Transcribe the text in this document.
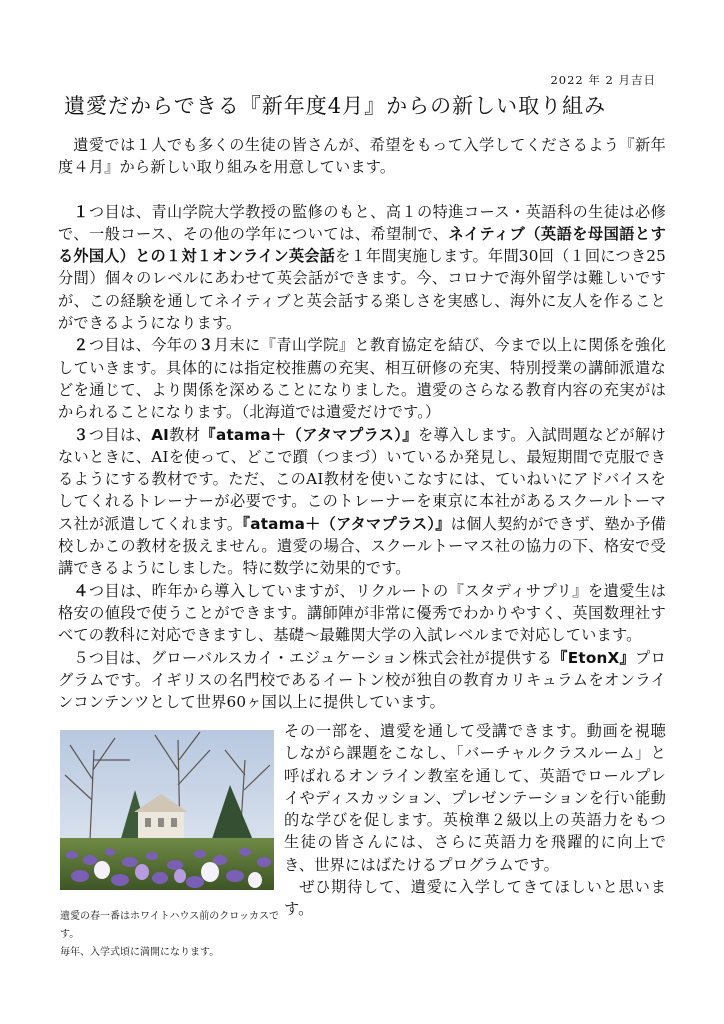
2022 年 2 月吉日
遺愛だからできる『新年度4月』からの新しい取り組み

遺愛では１人でも多くの生徒の皆さんが、希望をもって入学してくださるよう『新年度４月』から新しい取り組みを用意しています。

１つ目は、青山学院大学教授の監修のもと、高１の特進コース・英語科の生徒は必修で、一般コース、その他の学年については、希望制で、ネイティブ（英語を母国語とする外国人）との１対１オンライン英会話を１年間実施します。年間30回（１回につき25分間）個々のレベルにあわせて英会話ができます。今、コロナで海外留学は難しいですが、この経験を通してネイティブと英会話する楽しさを実感し、海外に友人を作ることができるようになります。

２つ目は、今年の３月末に『青山学院』と教育協定を結び、今まで以上に関係を強化していきます。具体的には指定校推薦の充実、相互研修の充実、特別授業の講師派遣などを通じて、より関係を深めることになりました。遺愛のさらなる教育内容の充実がはかられることになります。（北海道では遺愛だけです。）

３つ目は、AI教材『atama＋（アタマプラス）』を導入します。入試問題などが解けないときに、AIを使って、どこで躓（つまづ）いているか発見し、最短期間で克服できるようにする教材です。ただ、このAI教材を使いこなすには、ていねいにアドバイスをしてくれるトレーナーが必要です。このトレーナーを東京に本社があるスクールトーマス社が派遣してくれます。『atama＋（アタマプラス）』は個人契約ができず、塾か予備校しかこの教材を扱えません。遺愛の場合、スクールトーマス社の協力の下、格安で受講できるようにしました。特に数学に効果的です。

４つ目は、昨年から導入していますが、リクルートの『スタディサプリ』を遺愛生は格安の値段で使うことができます。講師陣が非常に優秀でわかりやすく、英国数理社すべての教科に対応できますし、基礎〜最難関大学の入試レベルまで対応しています。

５つ目は、グローバルスカイ・エジュケーション株式会社が提供する『EtonX』プログラムです。イギリスの名門校であるイートン校が独自の教育カリキュラムをオンラインコンテンツとして世界60ヶ国以上に提供しています。

その一部を、遺愛を通して受講できます。動画を視聴しながら課題をこなし、「バーチャルクラスルーム」と呼ばれるオンライン教室を通して、英語でロールプレイやディスカッション、プレゼンテーションを行い能動的な学びを促します。英検準２級以上の英語力をもつ生徒の皆さんには、さらに英語力を飛躍的に向上でき、世界にはばたけるプログラムです。

ぜひ期待して、遺愛に入学してきてほしいと思います。

遺愛の春一番はホワイトハウス前のクロッカスです。
毎年、入学式頃に満開になります。
